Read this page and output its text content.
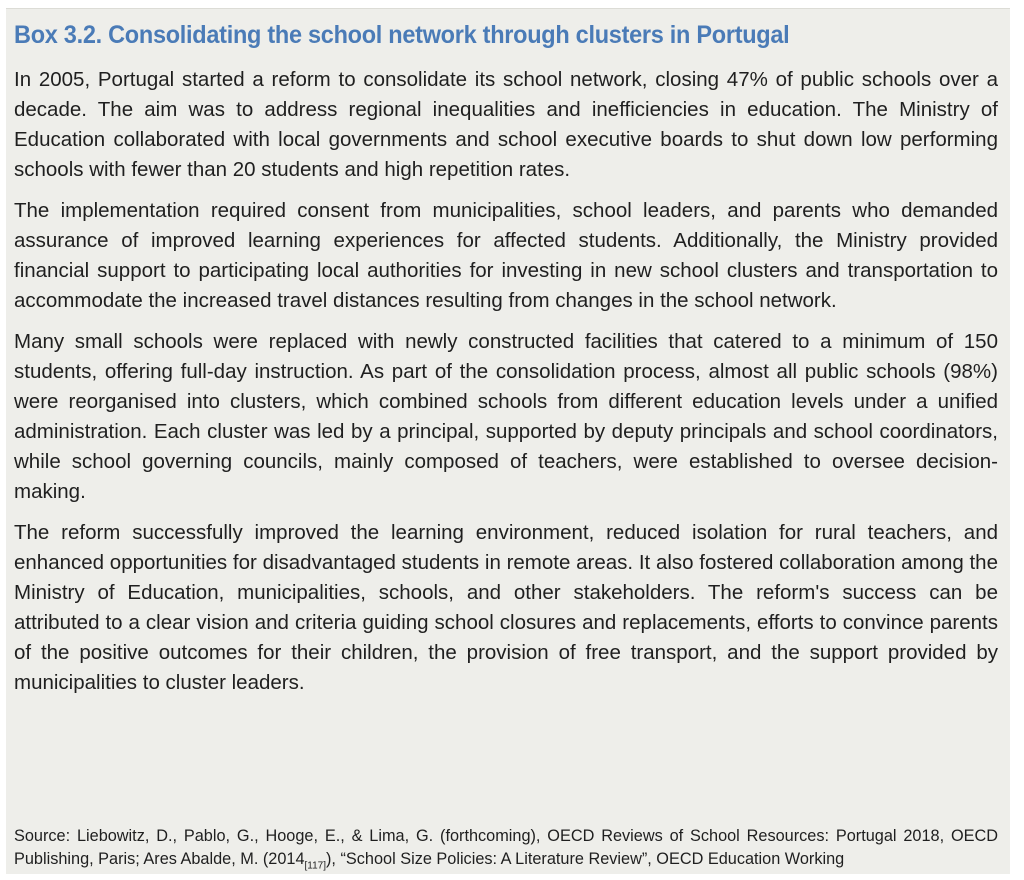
Box 3.2. Consolidating the school network through clusters in Portugal

In 2005, Portugal started a reform to consolidate its school network, closing 47% of public schools over a decade. The aim was to address regional inequalities and inefficiencies in education. The Ministry of Education collaborated with local governments and school executive boards to shut down low performing schools with fewer than 20 students and high repetition rates.

The implementation required consent from municipalities, school leaders, and parents who demanded assurance of improved learning experiences for affected students. Additionally, the Ministry provided financial support to participating local authorities for investing in new school clusters and transportation to accommodate the increased travel distances resulting from changes in the school network.

Many small schools were replaced with newly constructed facilities that catered to a minimum of 150 students, offering full-day instruction. As part of the consolidation process, almost all public schools (98%) were reorganised into clusters, which combined schools from different education levels under a unified administration. Each cluster was led by a principal, supported by deputy principals and school coordinators, while school governing councils, mainly composed of teachers, were established to oversee decision-making.

The reform successfully improved the learning environment, reduced isolation for rural teachers, and enhanced opportunities for disadvantaged students in remote areas. It also fostered collaboration among the Ministry of Education, municipalities, schools, and other stakeholders. The reform's success can be attributed to a clear vision and criteria guiding school closures and replacements, efforts to convince parents of the positive outcomes for their children, the provision of free transport, and the support provided by municipalities to cluster leaders.

Source: Liebowitz, D., Pablo, G., Hooge, E., & Lima, G. (forthcoming), OECD Reviews of School Resources: Portugal 2018, OECD Publishing, Paris; Ares Abalde, M. $(2014_{[117]})$, “School Size Policies: A Literature Review”, OECD Education Working
